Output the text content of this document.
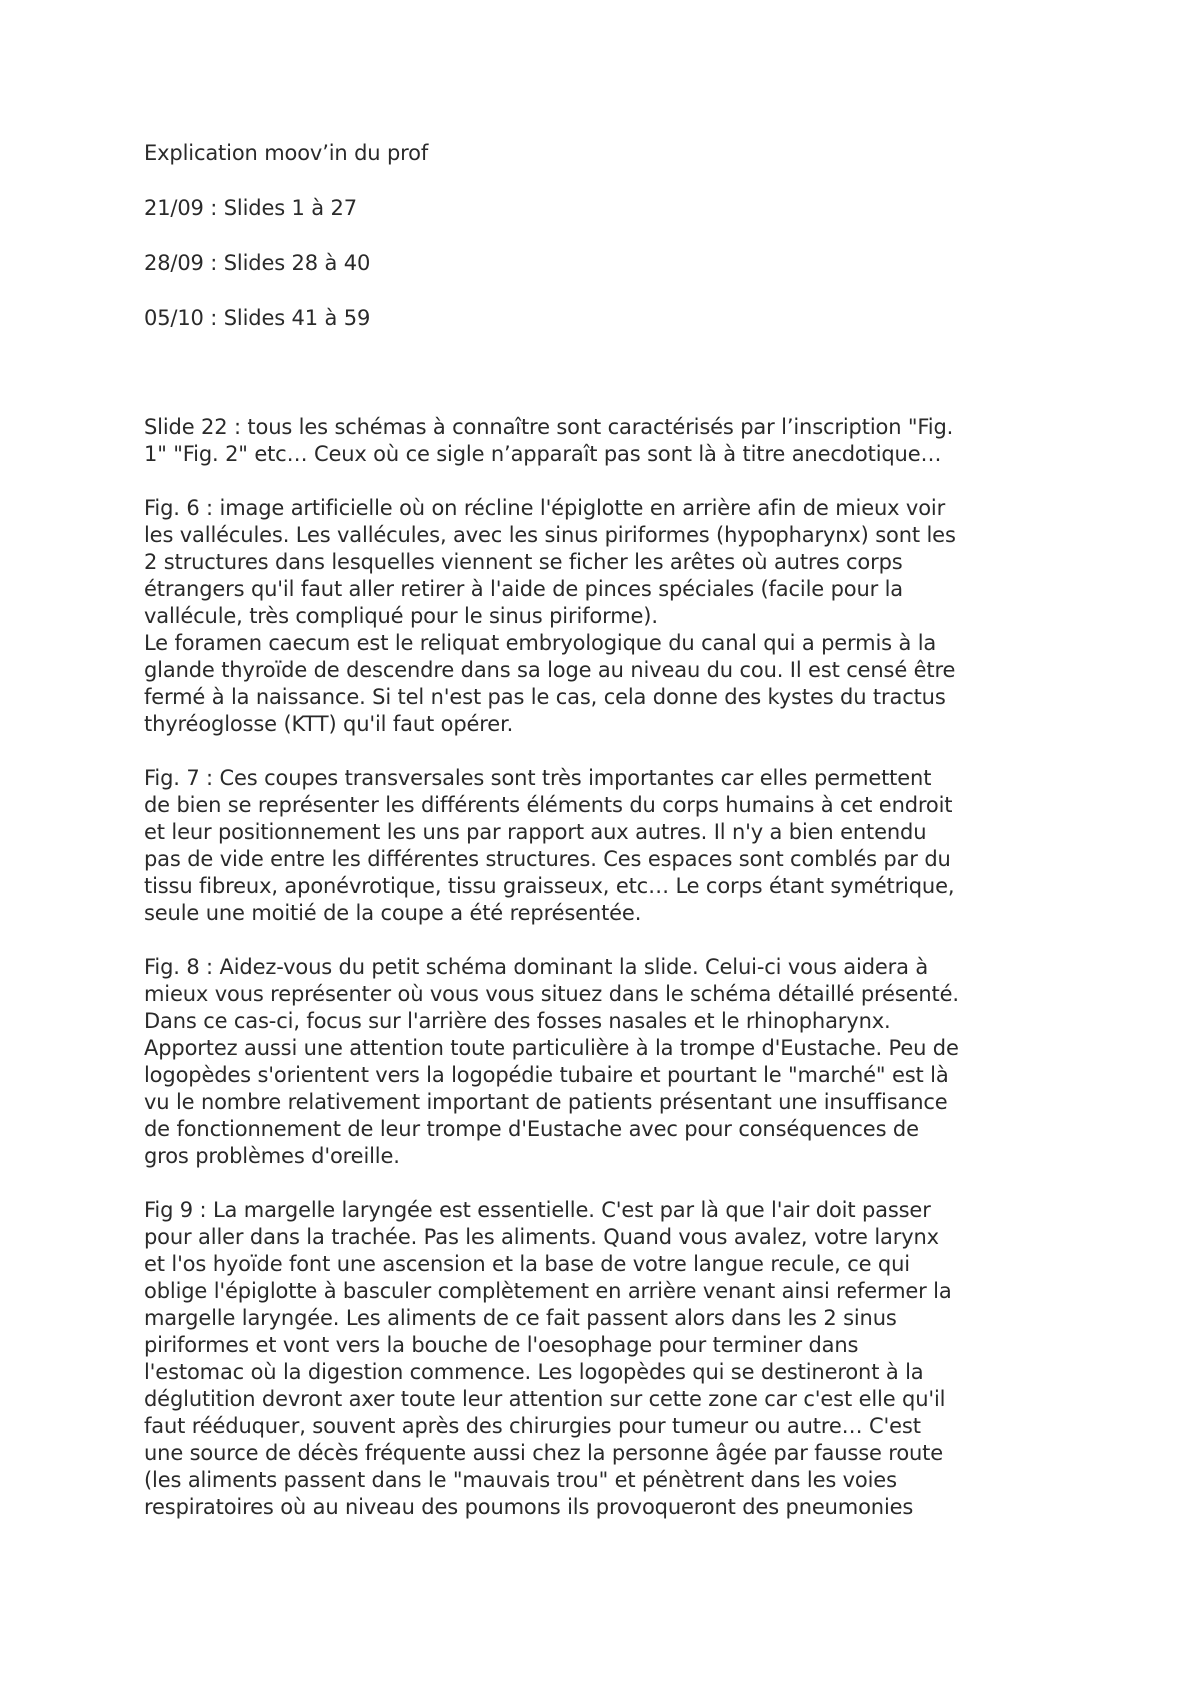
Explication moov’in du prof

21/09 : Slides 1 à 27

28/09 : Slides 28 à 40

05/10 : Slides 41 à 59

Slide 22 : tous les schémas à connaître sont caractérisés par l’inscription "Fig.

1" "Fig. 2" etc… Ceux où ce sigle n’apparaît pas sont là à titre anecdotique…

Fig. 6 : image artificielle où on récline l'épiglotte en arrière afin de mieux voir

les vallécules. Les vallécules, avec les sinus piriformes (hypopharynx) sont les

2 structures dans lesquelles viennent se ficher les arêtes où autres corps

étrangers qu'il faut aller retirer à l'aide de pinces spéciales (facile pour la

vallécule, très compliqué pour le sinus piriforme).

Le foramen caecum est le reliquat embryologique du canal qui a permis à la

glande thyroïde de descendre dans sa loge au niveau du cou. Il est censé être

fermé à la naissance. Si tel n'est pas le cas, cela donne des kystes du tractus

thyréoglosse (KTT) qu'il faut opérer.

Fig. 7 : Ces coupes transversales sont très importantes car elles permettent

de bien se représenter les différents éléments du corps humains à cet endroit

et leur positionnement les uns par rapport aux autres. Il n'y a bien entendu

pas de vide entre les différentes structures. Ces espaces sont comblés par du

tissu fibreux, aponévrotique, tissu graisseux, etc… Le corps étant symétrique,

seule une moitié de la coupe a été représentée.

Fig. 8 : Aidez-vous du petit schéma dominant la slide. Celui-ci vous aidera à

mieux vous représenter où vous vous situez dans le schéma détaillé présenté.

Dans ce cas-ci, focus sur l'arrière des fosses nasales et le rhinopharynx.

Apportez aussi une attention toute particulière à la trompe d'Eustache. Peu de

logopèdes s'orientent vers la logopédie tubaire et pourtant le "marché" est là

vu le nombre relativement important de patients présentant une insuffisance

de fonctionnement de leur trompe d'Eustache avec pour conséquences de

gros problèmes d'oreille.

Fig 9 : La margelle laryngée est essentielle. C'est par là que l'air doit passer

pour aller dans la trachée. Pas les aliments. Quand vous avalez, votre larynx

et l'os hyoïde font une ascension et la base de votre langue recule, ce qui

oblige l'épiglotte à basculer complètement en arrière venant ainsi refermer la

margelle laryngée. Les aliments de ce fait passent alors dans les 2 sinus

piriformes et vont vers la bouche de l'oesophage pour terminer dans

l'estomac où la digestion commence. Les logopèdes qui se destineront à la

déglutition devront axer toute leur attention sur cette zone car c'est elle qu'il

faut rééduquer, souvent après des chirurgies pour tumeur ou autre… C'est

une source de décès fréquente aussi chez la personne âgée par fausse route

(les aliments passent dans le "mauvais trou" et pénètrent dans les voies

respiratoires où au niveau des poumons ils provoqueront des pneumonies
